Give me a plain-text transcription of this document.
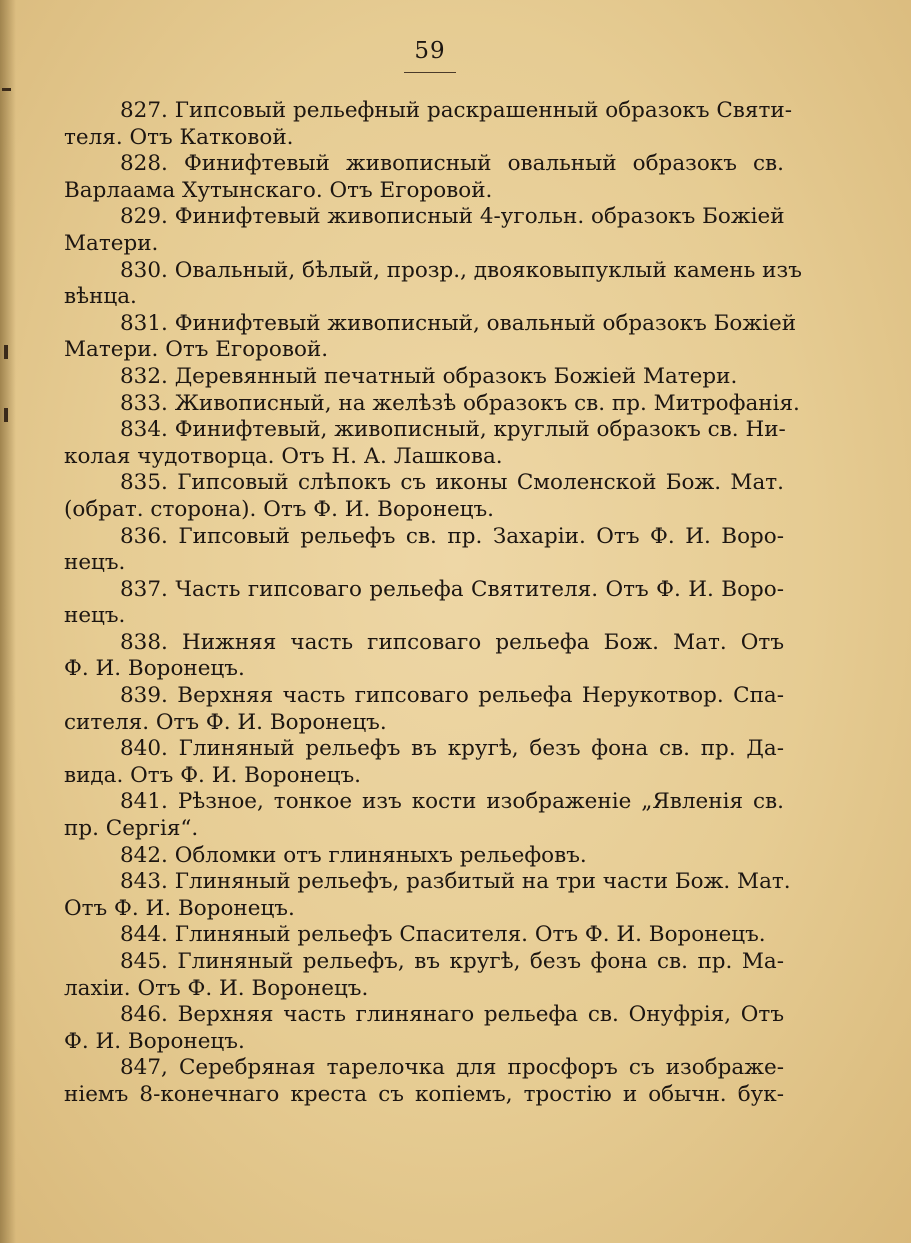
59
827. Гипсовый рельефный раскрашенный образокъ Святи-
теля. Отъ Катковой.
828. Финифтевый живописный овальный образокъ св.
Варлаама Хутынскаго. Отъ Егоровой.
829. Финифтевый живописный 4-угольн. образокъ Божiей
Матери.
830. Овальный, бѣлый, прозр., двояковыпуклый камень изъ
вѣнца.
831. Финифтевый живописный, овальный образокъ Божiей
Матери. Отъ Егоровой.
832. Деревянный печатный образокъ Божiей Матери.
833. Живописный, на желѣзѣ образокъ св. пр. Митрофанiя.
834. Финифтевый, живописный, круглый образокъ св. Ни-
колая чудотворца. Отъ Н. А. Лашкова.
835. Гипсовый слѣпокъ съ иконы Смоленской Бож. Мат.
(обрат. сторона). Отъ Ф. И. Воронецъ.
836. Гипсовый рельефъ св. пр. Захарiи. Отъ Ф. И. Воро-
нецъ.
837. Часть гипсоваго рельефа Святителя. Отъ Ф. И. Воро-
нецъ.
838. Нижняя часть гипсоваго рельефа Бож. Мат. Отъ
Ф. И. Воронецъ.
839. Верхняя часть гипсоваго рельефа Нерукотвор. Спа-
сителя. Отъ Ф. И. Воронецъ.
840. Глиняный рельефъ въ кругѣ, безъ фона св. пр. Да-
вида. Отъ Ф. И. Воронецъ.
841. Рѣзное, тонкое изъ кости изображенiе „Явленiя св.
пр. Сергiя“.
842. Обломки отъ глиняныхъ рельефовъ.
843. Глиняный рельефъ, разбитый на три части Бож. Мат.
Отъ Ф. И. Воронецъ.
844. Глиняный рельефъ Спасителя. Отъ Ф. И. Воронецъ.
845. Глиняный рельефъ, въ кругѣ, безъ фона св. пр. Ма-
лахiи. Отъ Ф. И. Воронецъ.
846. Верхняя часть глинянаго рельефа св. Онуфрiя, Отъ
Ф. И. Воронецъ.
847, Серебряная тарелочка для просфоръ съ изображе-
нiемъ 8-конечнаго креста съ копiемъ, тростiю и обычн. бук-
